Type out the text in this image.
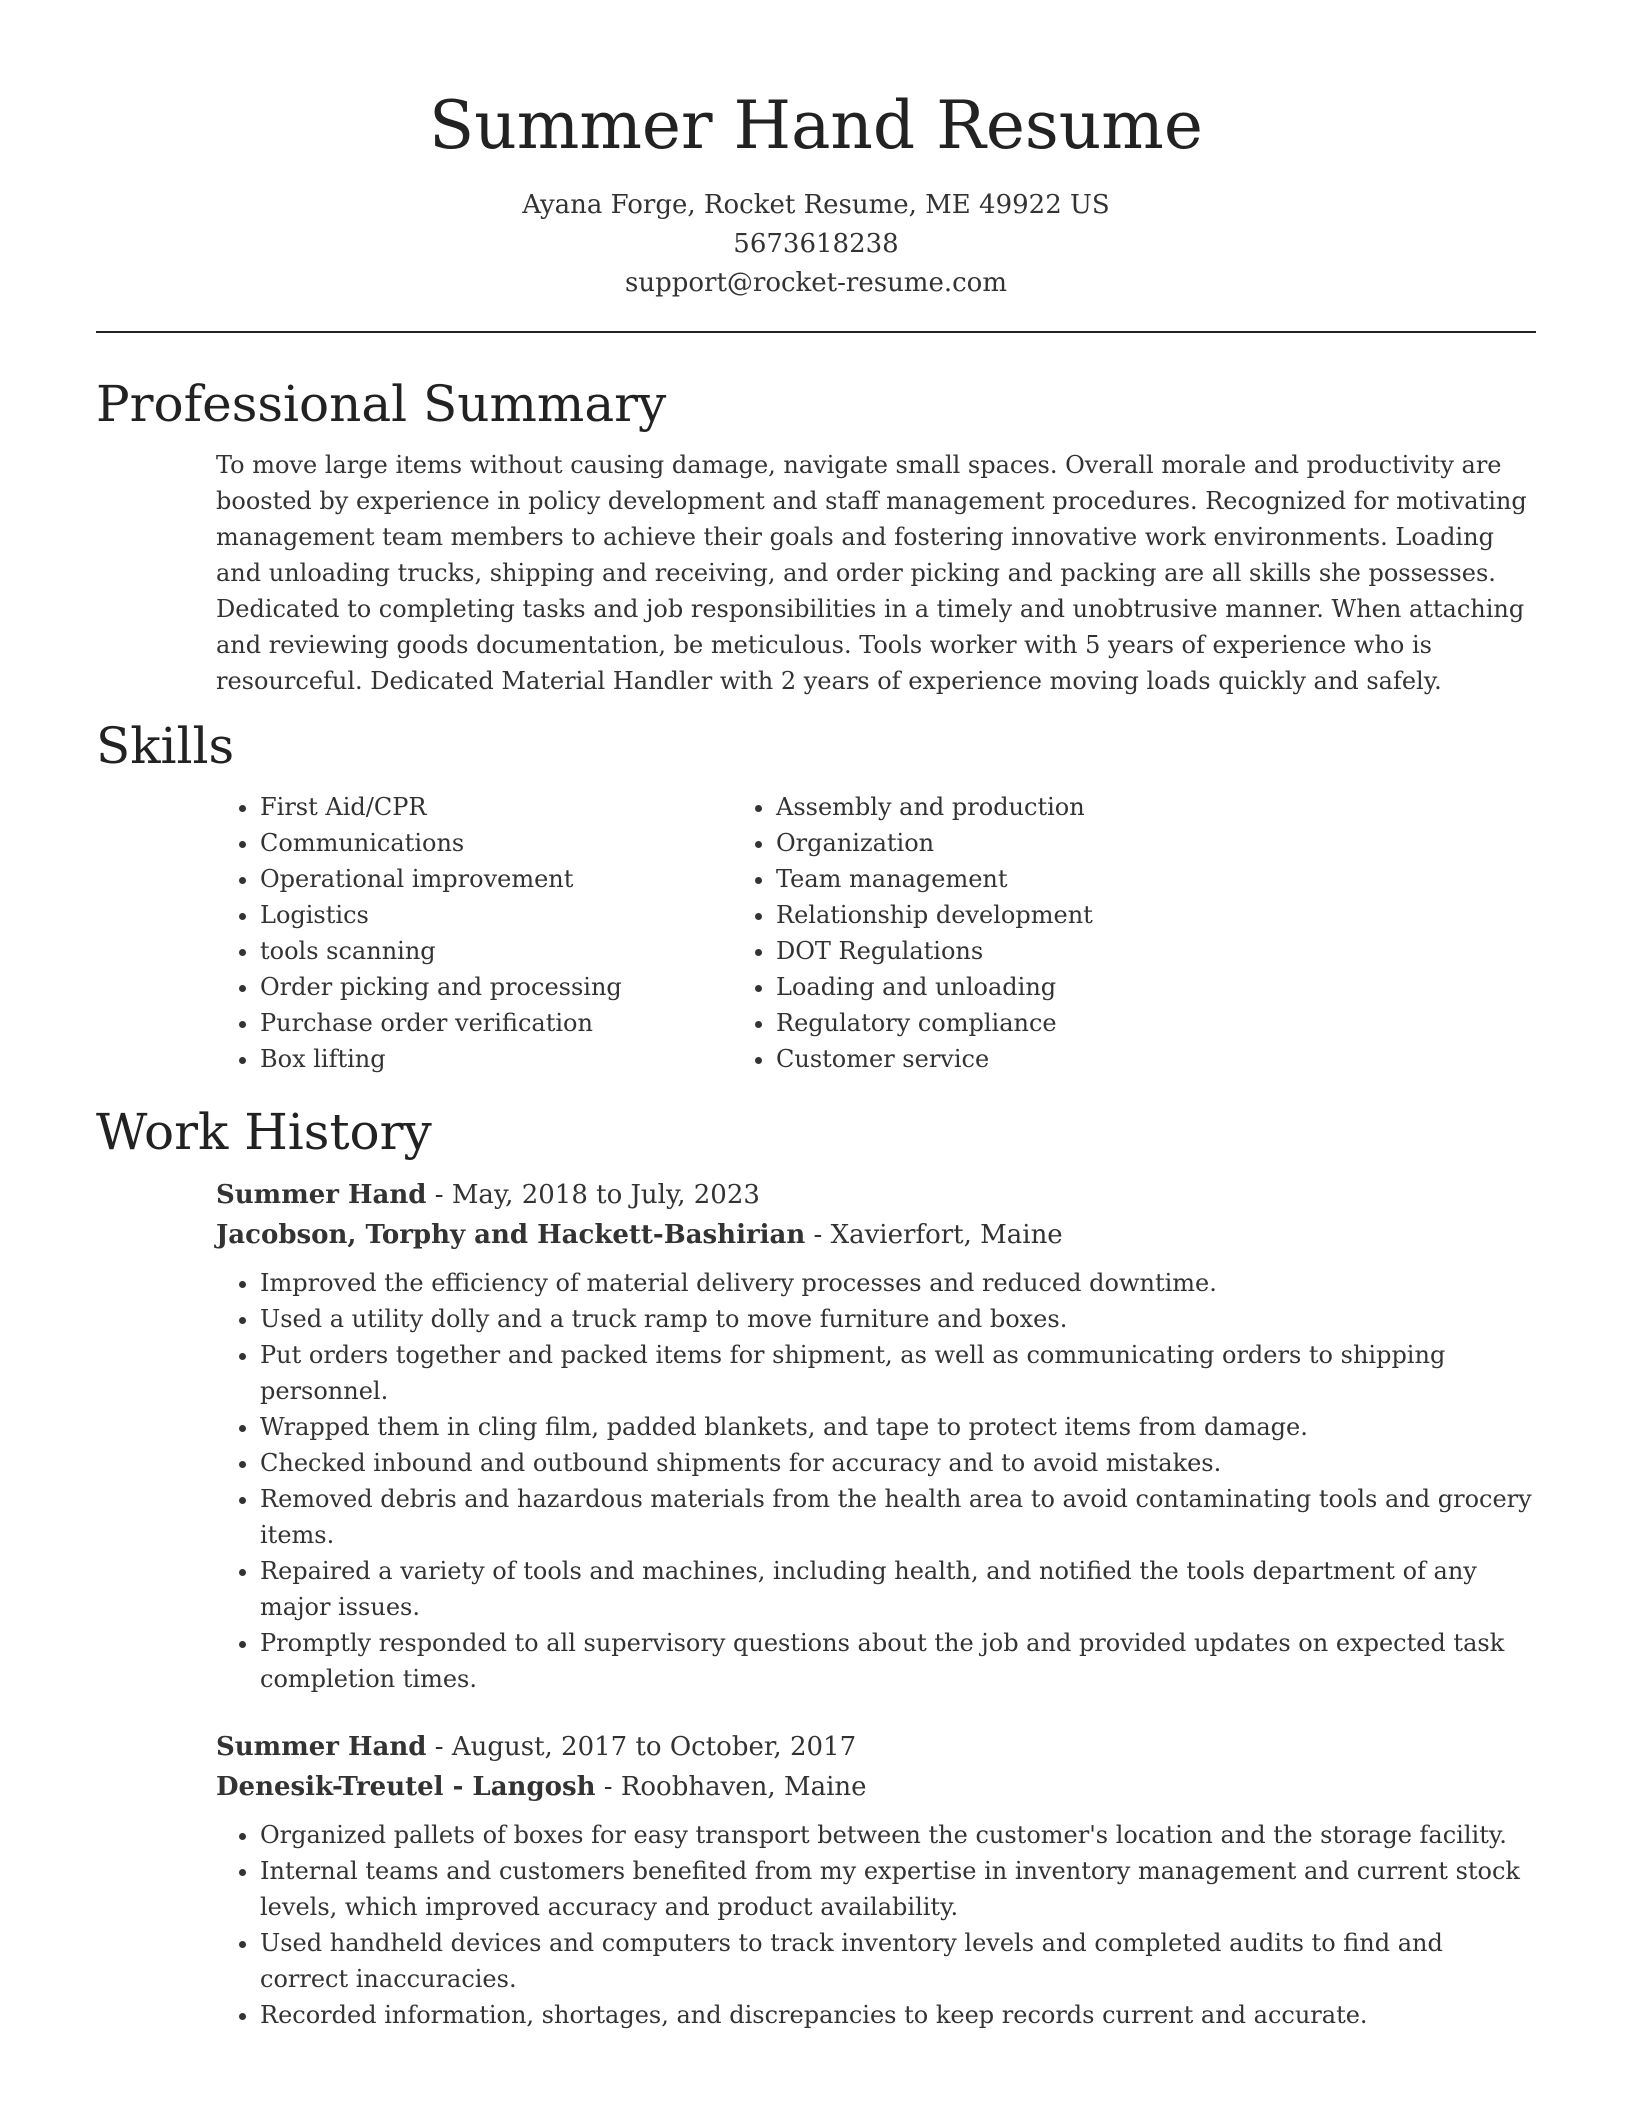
Summer Hand Resume
Ayana Forge, Rocket Resume, ME 49922 US
5673618238
support@rocket-resume.com
Professional Summary

To move large items without causing damage, navigate small spaces. Overall morale and productivity are boosted by experience in policy development and staff management procedures. Recognized for motivating management team members to achieve their goals and fostering innovative work environments. Loading and unloading trucks, shipping and receiving, and order picking and packing are all skills she possesses. Dedicated to completing tasks and job responsibilities in a timely and unobtrusive manner. When attaching and reviewing goods documentation, be meticulous. Tools worker with 5 years of experience who is resourceful. Dedicated Material Handler with 2 years of experience moving loads quickly and safely.

Skills
• First Aid/CPR
• Communications
• Operational improvement
• Logistics
• tools scanning
• Order picking and processing
• Purchase order verification
• Box lifting
• Assembly and production
• Organization
• Team management
• Relationship development
• DOT Regulations
• Loading and unloading
• Regulatory compliance
• Customer service
Work History
Summer Hand - May, 2018 to July, 2023
Jacobson, Torphy and Hackett-Bashirian - Xavierfort, Maine
• Improved the efficiency of material delivery processes and reduced downtime.
• Used a utility dolly and a truck ramp to move furniture and boxes.
• Put orders together and packed items for shipment, as well as communicating orders to shipping personnel.
• Wrapped them in cling film, padded blankets, and tape to protect items from damage.
• Checked inbound and outbound shipments for accuracy and to avoid mistakes.
• Removed debris and hazardous materials from the health area to avoid contaminating tools and grocery items.
• Repaired a variety of tools and machines, including health, and notified the tools department of any major issues.
• Promptly responded to all supervisory questions about the job and provided updates on expected task completion times.
Summer Hand - August, 2017 to October, 2017
Denesik-Treutel - Langosh - Roobhaven, Maine
• Organized pallets of boxes for easy transport between the customer's location and the storage facility.
• Internal teams and customers benefited from my expertise in inventory management and current stock levels, which improved accuracy and product availability.
• Used handheld devices and computers to track inventory levels and completed audits to find and correct inaccuracies.
• Recorded information, shortages, and discrepancies to keep records current and accurate.
